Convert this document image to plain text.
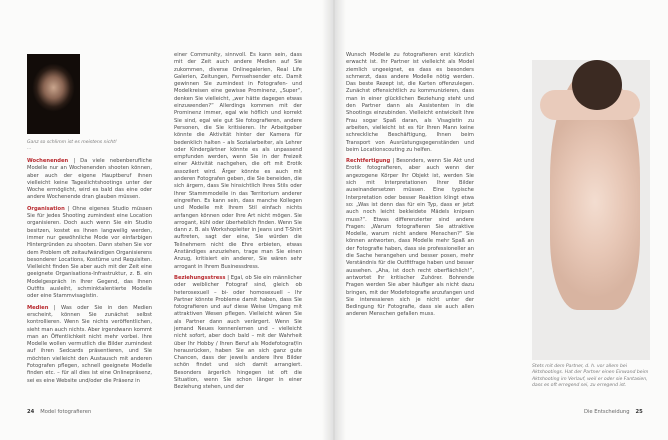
Ganz so schlimm ist es meistens nicht! ...

Wochenenden | Da viele nebenberufliche Modelle nur an Wochenenden shooten können, aber auch der eigene Hauptberuf ihnen vielleicht keine Tageslichtshootings unter der Woche ermöglicht, wird es bald das eine oder andere Wochenende dran glauben müssen.

Organisation | Ohne eigenes Studio müssen Sie für jedes Shooting zumindest eine Location organisieren. Doch auch wenn Sie ein Studio besitzen, kostet es Ihnen langweilig werden, immer nur gewöhnliche Mode vor einfarbigen Hintergründen zu shooten. Dann stehen Sie vor dem Problem oft zeitaufwändigen Organisierens besonderer Locations, Kostüme und Requisiten. Vielleicht finden Sie aber auch mit der Zeit eine geeignete Organisations-Infrastruktur, z. B. ein Modelgespräch in Ihrer Gegend, das Ihnen Outfits ausleiht, schminktalentierte Modelle oder eine Stammvisagistin.

Medien | Was oder Sie in den Medien erscheint, können Sie zunächst selbst kontrollieren. Wenn Sie nichts veröffentlichen, sieht man auch nichts. Aber irgendwann kommt man an Öffentlichkeit nicht mehr vorbei. Ihre Modelle wollen vermutlich die Bilder zumindest auf ihren Sedcards präsentieren, und Sie möchten vielleicht den Austausch mit anderen Fotografen pflegen, schnell geeignete Modelle finden etc. – für all dies ist eine Onlinepräsenz, sei es eine Website und/oder die Präsenz in

einer Community, sinnvoll. Es kann sein, dass mit der Zeit auch andere Medien auf Sie zukommen, diverse Onlinegalerien, Real Life Galerien, Zeitungen, Fernsehsender etc. Damit gewinnen Sie zumindest in Fotografen- und Modelkreisen eine gewisse Prominenz, „Super“, denken Sie vielleicht, „wer hätte dagegen etwas einzuwenden?“ Allerdings kommen mit der Prominenz immer, egal wie höflich und korrekt Sie sind, egal wie gut Sie fotografieren, andere Personen, die Sie kritisieren. Ihr Arbeitgeber könnte die Aktivität hinter der Kamera für bedenklich halten – als Sozialarbeiter, als Lehrer oder Kindergärtner könnte es als unpassend empfunden werden, wenn Sie in der Freizeit einer Aktivität nachgehen, die oft mit Erotik assoziiert wird. Ärger könnte es auch mit anderen Fotografen geben, die Sie beneiden, die sich ärgern, dass Sie hinsichtlich Ihres Stils oder Ihrer Stammmodelle in das Territorium anderer eingreifen. Es kann sein, dass manche Kollegen und Modelle mit Ihrem Stil einfach nichts anfangen können oder Ihre Art nicht mögen. Sie arrogant, kühl oder überheblich finden. Wenn Sie dann z. B. als Workshopleiter in Jeans und T-Shirt auftreten, sagt der eine, Sie würden die Teilnehmern nicht die Ehre erbieten, etwas Anständiges anzuziehen, trage man Sie einen Anzug, kritisiert ein anderer, Sie wären sehr arrogant in Ihrem Businessdress.

Beziehungsstress | Egal, ob Sie ein männlicher oder weiblicher Fotograf sind, gleich ob heterosexuell – bi- oder homosexuell – Ihr Partner könnte Probleme damit haben, dass Sie fotografieren und auf diese Weise Umgang mit attraktiven Wesen pflegen. Vielleicht wären Sie als Partner dann auch verärgert. Wenn Sie jemand Neues kennenlernen und – vielleicht nicht sofort, aber doch bald – mit der Wahrheit über Ihr Hobby / Ihren Beruf als Modefotograf/in herausrücken, haben Sie an sich ganz gute Chancen, dass der jeweils andere Ihre Bilder schön findet und sich damit arrangiert. Besonders ärgerlich hingegen ist oft die Situation, wenn Sie schon länger in einer Beziehung stehen, und der

24 Model fotografieren

Wunsch Modelle zu fotografieren erst kürzlich erwacht ist. Ihr Partner ist vielleicht als Model ziemlich ungeeignet, es dass es besonders schmerzt, dass andere Modelle nötig werden. Das beste Rezept ist, die Karten offenzulegen. Zunächst offensichtlich zu kommunizieren, dass man in einer glücklichen Beziehung steht und den Partner dann als Assistenten in die Shootings einzubinden. Vielleicht entwickelt Ihre Frau sogar Spaß daran, als Visagistin zu arbeiten, vielleicht ist es für Ihren Mann keine schreckliche Beschäftigung, Ihnen beim Transport von Ausrüstungsgegenständen und beim Locationscouting zu helfen.

Rechtfertigung | Besonders, wenn Sie Akt und Erotik fotografieren, aber auch wenn der angezogene Körper Ihr Objekt ist, werden Sie sich mit Interpretationen Ihrer Bilder auseinandersetzen müssen. Eine typische Interpretation oder besser Reaktion klingt etwa so: „Was ist denn das für ein Typ, dass er jetzt auch noch leicht bekleidete Mädels knipsen muss?“. Etwas differenzierter sind andere Fragen: „Warum fotografieren Sie attraktive Modelle, warum nicht andere Menschen?“ Sie können antworten, dass Modelle mehr Spaß an der Fotografie haben, dass sie professioneller an die Sache herangehen und besser posen, mehr Verständnis für die Outfitfrage haben und besser aussehen. „Aha, ist doch recht oberflächlich!“, antwortet Ihr kritischer Zuhörer. Bohrende Fragen werden Sie aber häufiger als nicht dazu bringen, mit der Modefotografie anzufangen und Sie interessieren sich je nicht unter der Bedingung für Fotografie, dass sie auch allen anderen Menschen gefallen muss.

Stets mit dem Partner, d. h. vor allem bei Aktshootings. Hat der Partner einen Einwand beim Aktshooting im Verlauf, weil er oder sie Fantasien, dass es oft erregend sei, zu erregend ist.
Die Entscheidung 25
